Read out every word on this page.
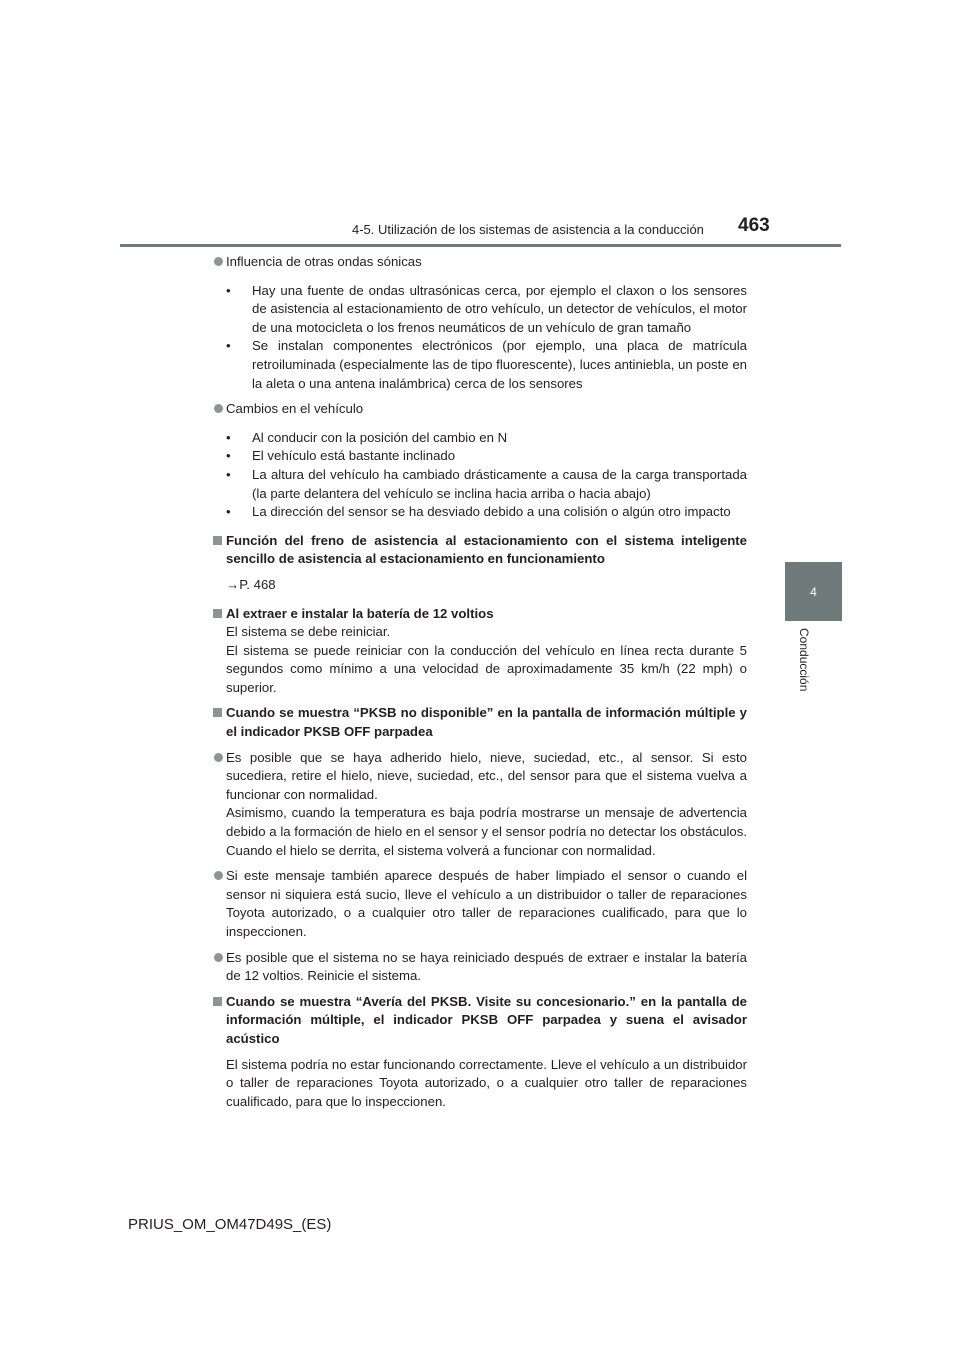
4-5. Utilización de los sistemas de asistencia a la conducción	463
4
Conducción

Influencia de otras ondas sónicas

•	Hay una fuente de ondas ultrasónicas cerca, por ejemplo el claxon o los sensores de asistencia al estacionamiento de otro vehículo, un detector de vehículos, el motor de una motocicleta o los frenos neumáticos de un vehículo de gran tamaño
•	Se instalan componentes electrónicos (por ejemplo, una placa de matrícula retroiluminada (especialmente las de tipo fluorescente), luces antiniebla, un poste en la aleta o una antena inalámbrica) cerca de los sensores

Cambios en el vehículo

•	Al conducir con la posición del cambio en N
•	El vehículo está bastante inclinado
•	La altura del vehículo ha cambiado drásticamente a causa de la carga transportada (la parte delantera del vehículo se inclina hacia arriba o hacia abajo)
•	La dirección del sensor se ha desviado debido a una colisión o algún otro impacto
Función del freno de asistencia al estacionamiento con el sistema inteligente sencillo de asistencia al estacionamiento en funcionamiento

→P. 468

Al extraer e instalar la batería de 12 voltios

El sistema se debe reiniciar.

El sistema se puede reiniciar con la conducción del vehículo en línea recta durante 5 segundos como mínimo a una velocidad de aproximadamente 35 km/h (22 mph) o superior.

Cuando se muestra “PKSB no disponible” en la pantalla de información múltiple y el indicador PKSB OFF parpadea

Es posible que se haya adherido hielo, nieve, suciedad, etc., al sensor. Si esto sucediera, retire el hielo, nieve, suciedad, etc., del sensor para que el sistema vuelva a funcionar con normalidad.

Asimismo, cuando la temperatura es baja podría mostrarse un mensaje de advertencia debido a la formación de hielo en el sensor y el sensor podría no detectar los obstáculos. Cuando el hielo se derrita, el sistema volverá a funcionar con normalidad.

Si este mensaje también aparece después de haber limpiado el sensor o cuando el sensor ni siquiera está sucio, lleve el vehículo a un distribuidor o taller de reparaciones Toyota autorizado, o a cualquier otro taller de reparaciones cualificado, para que lo inspeccionen.

Es posible que el sistema no se haya reiniciado después de extraer e instalar la batería de 12 voltios. Reinicie el sistema.

Cuando se muestra “Avería del PKSB. Visite su concesionario.” en la pantalla de información múltiple, el indicador PKSB OFF parpadea y suena el avisador acústico

El sistema podría no estar funcionando correctamente. Lleve el vehículo a un distribuidor o taller de reparaciones Toyota autorizado, o a cualquier otro taller de reparaciones cualificado, para que lo inspeccionen.

PRIUS_OM_OM47D49S_(ES)
